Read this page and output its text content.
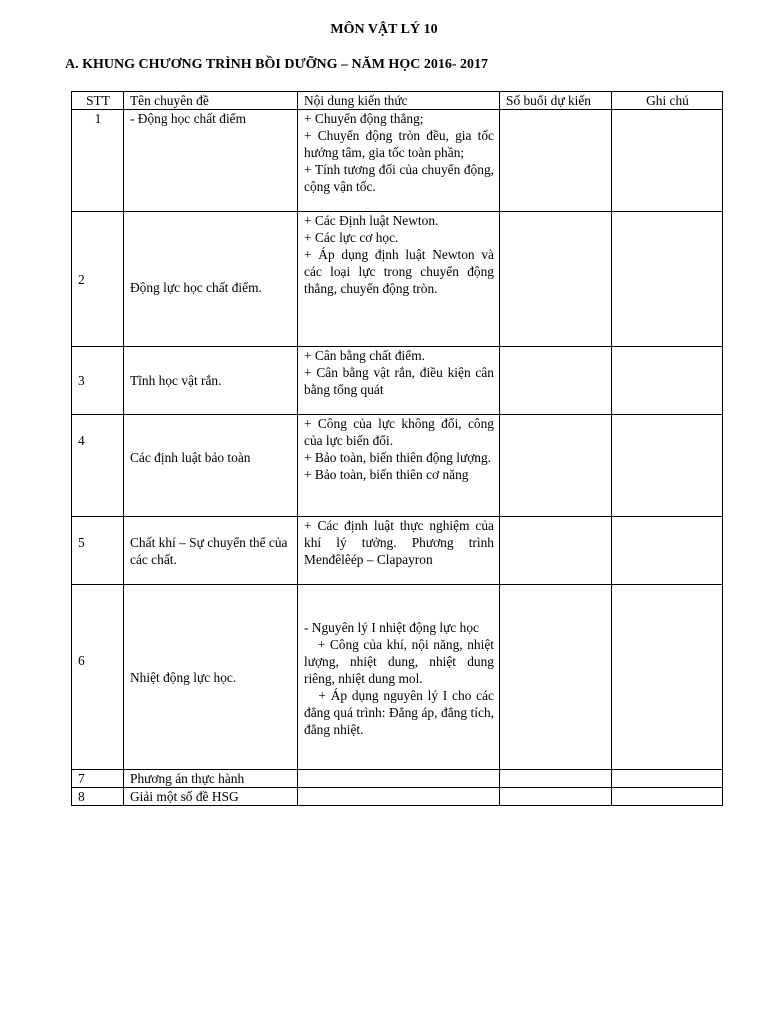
MÔN VẬT LÝ 10
A. KHUNG CHƯƠNG TRÌNH BỒI DƯỠNG – NĂM HỌC 2016- 2017
STT	Tên chuyên đề	Nội dung kiến thức	Số buổi dự kiến	Ghi chú
1	- Động học chất điểm	+ Chuyển động thẳng;
+ Chuyển động tròn đều, gia tốc hướng tâm, gia tốc toàn phần;
+ Tính tương đối của chuyển động, cộng vận tốc.		

2	Động lực học chất điểm.	+ Các Định luật Newton.
+ Các lực cơ học.
+ Áp dụng định luật Newton và các loại lực trong chuyển động thẳng, chuyển động tròn.		

3	Tĩnh học vật rắn.	+ Cân bằng chất điểm.
+ Cân bằng vật rắn, điều kiện cân bằng tổng quát		

4	Các định luật bảo toàn	+ Công của lực không đổi, công của lực biến đổi.
+ Bảo toàn, biến thiên động lượng.
+ Bảo toàn, biến thiên cơ năng		

5	Chất khí – Sự chuyển thể của các chất.	+ Các định luật thực nghiệm của khí lý tưởng. Phương trình Menđêlêép – Clapayron		

6	Nhiệt động lực học.	- Nguyên lý I nhiệt động lực học
+ Công của khí, nội năng, nhiệt lượng, nhiệt dung, nhiệt dung riêng, nhiệt dung mol.
+ Áp dụng nguyên lý I cho các đẳng quá trình: Đẳng áp, đẳng tích, đẳng nhiệt.		

7	Phương án thực hành			
8	Giải một số đề HSG			
